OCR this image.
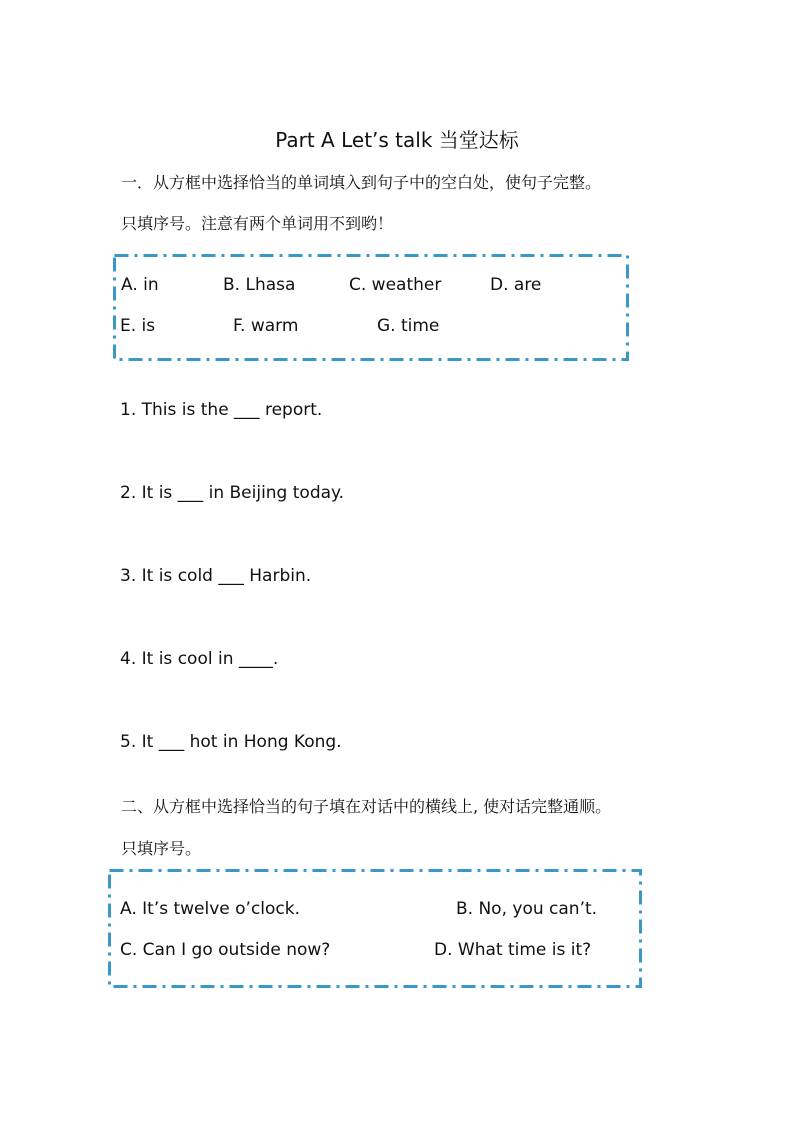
Part A Let’s talk 当堂达标
一．从方框中选择恰当的单词填入到句子中的空白处，使句子完整。
只填序号。注意有两个单词用不到哟！
A. in	B. Lhasa	C. weather	D. are
E. is	F. warm	G. time
1. This is the ___ report.
2. It is ___ in Beijing today.
3. It is cold ___ Harbin.
4. It is cool in ____.
5. It ___ hot in Hong Kong.
二、从方框中选择恰当的句子填在对话中的横线上, 使对话完整通顺。
只填序号。
A. It’s twelve o’clock.	B. No, you can’t.
C. Can I go outside now?	D. What time is it?
